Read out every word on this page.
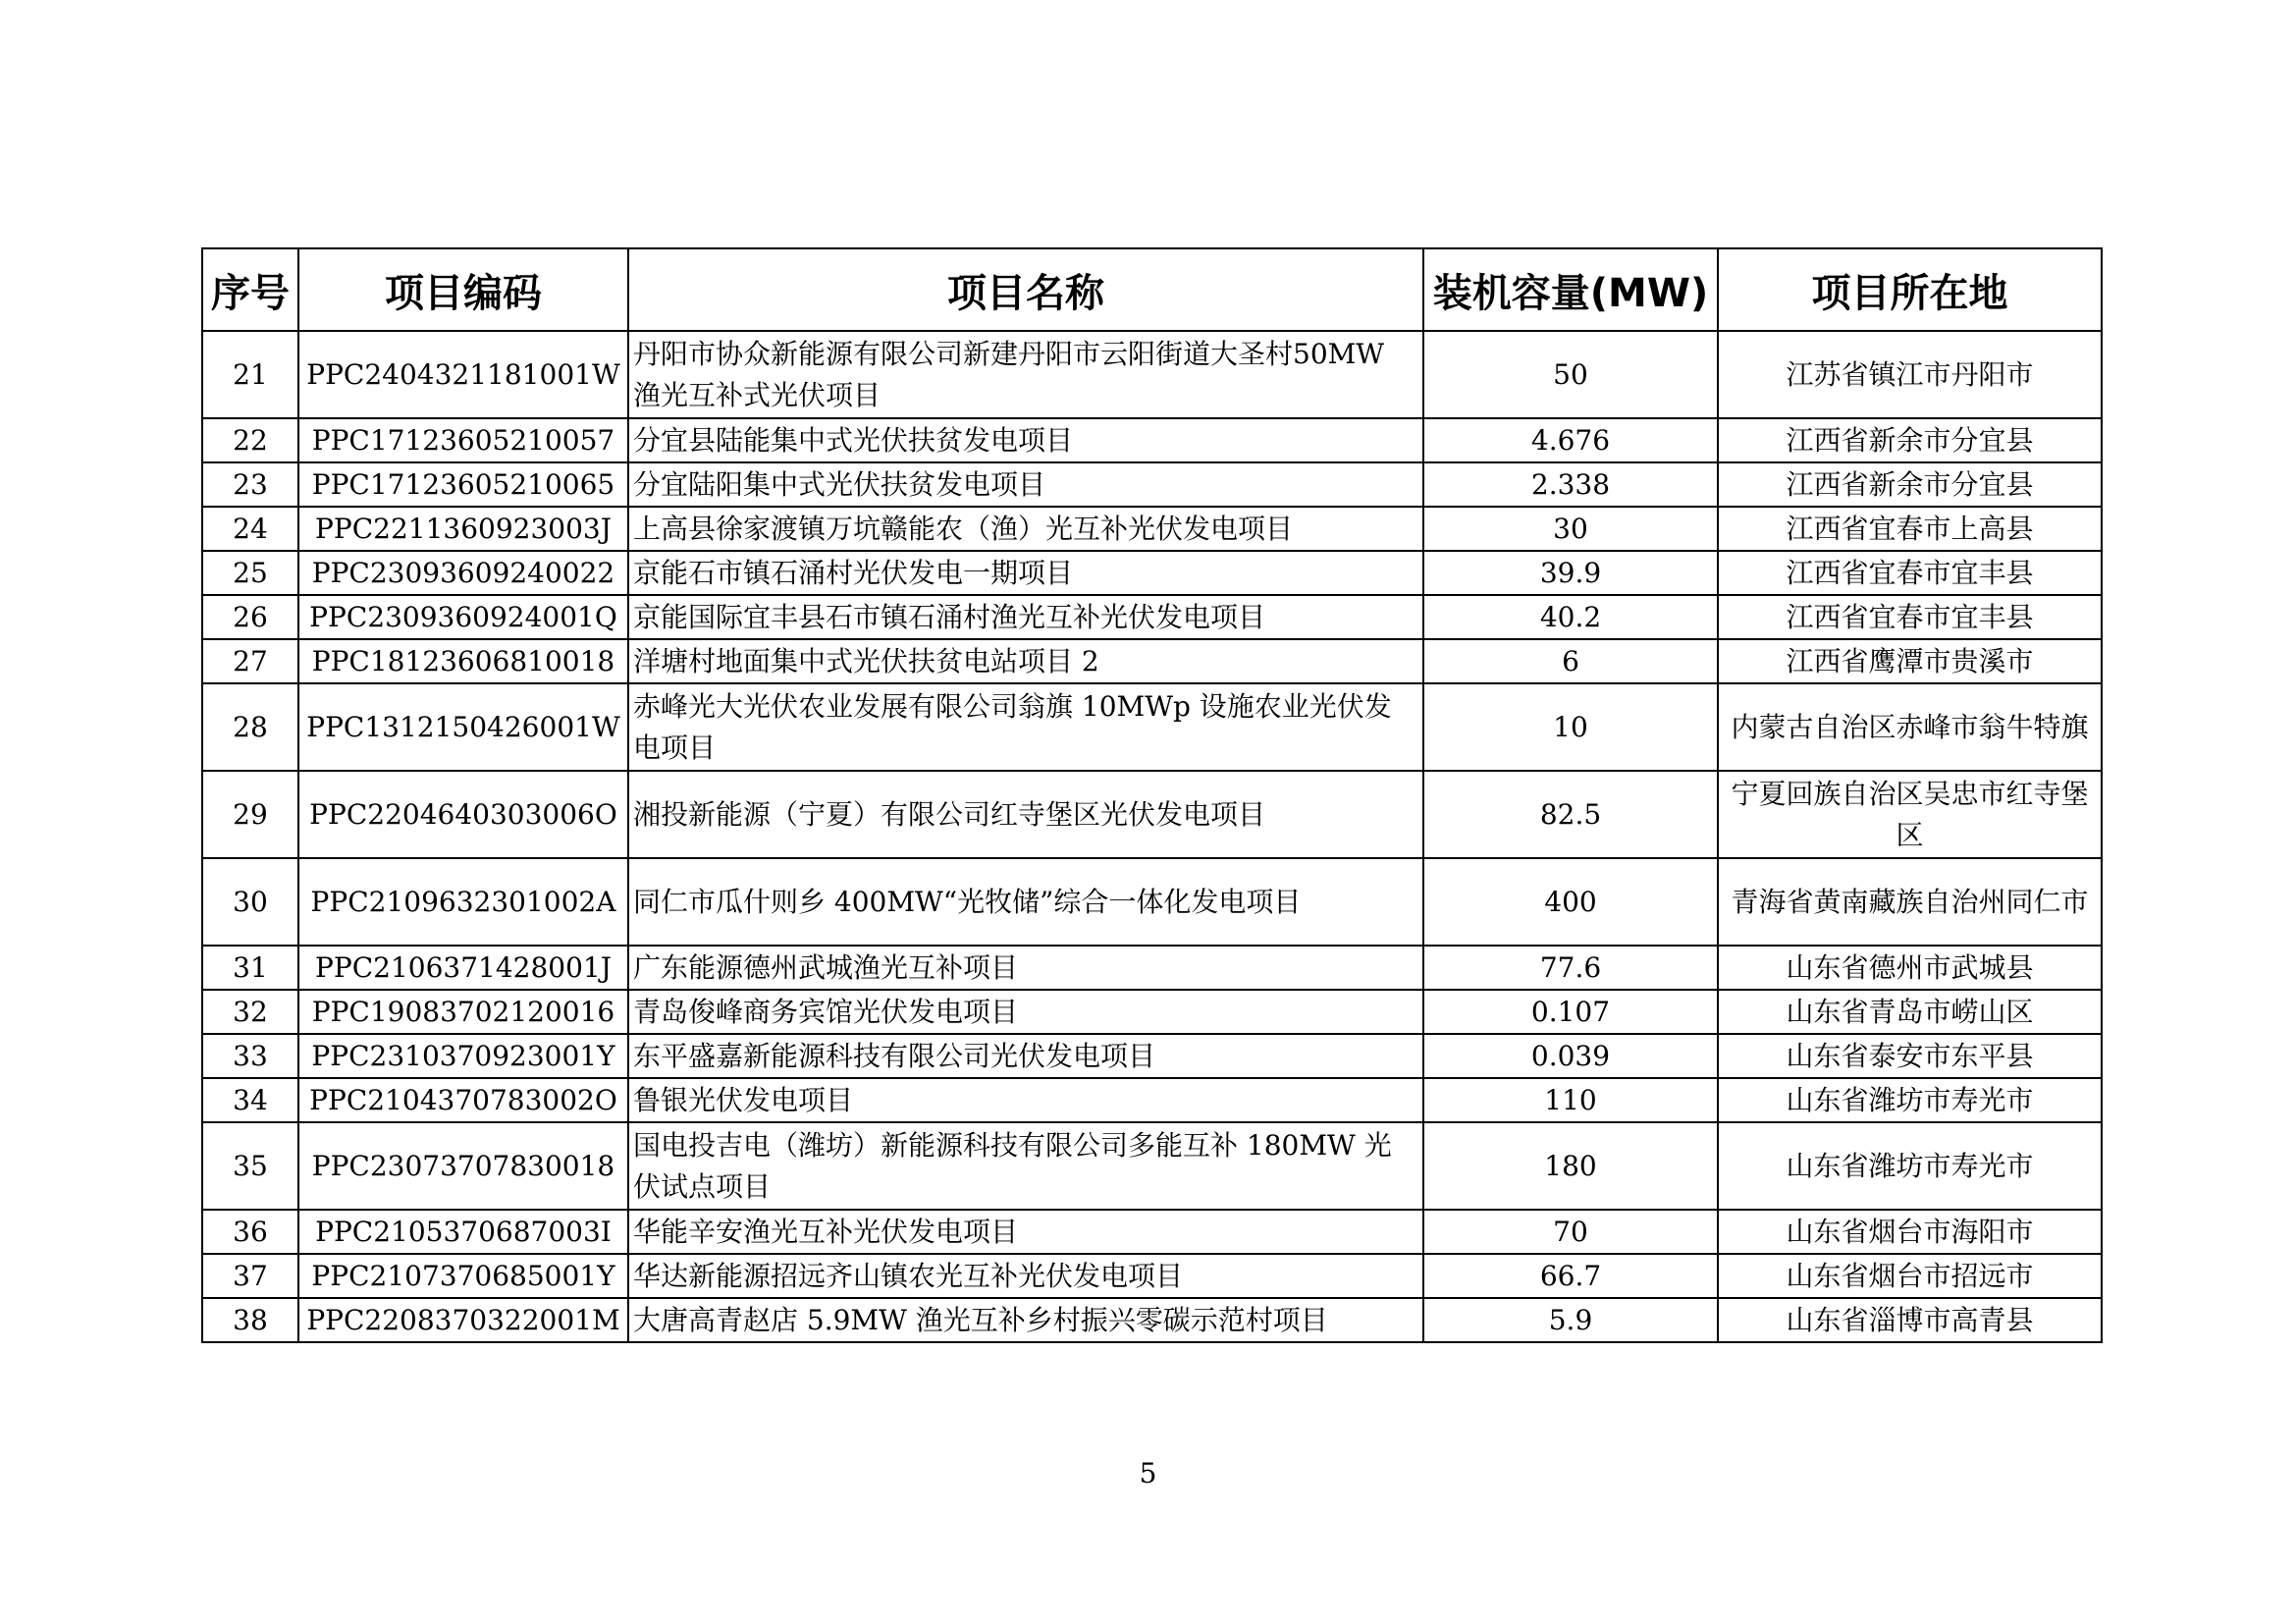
序号	项目编码	项目名称	装机容量(MW)	项目所在地
21	PPC2404321181001W	丹阳市协众新能源有限公司新建丹阳市云阳街道大圣村50MW 渔光互补式光伏项目	50	江苏省镇江市丹阳市
22	PPC17123605210057	分宜县陆能集中式光伏扶贫发电项目	4.676	江西省新余市分宜县
23	PPC17123605210065	分宜陆阳集中式光伏扶贫发电项目	2.338	江西省新余市分宜县
24	PPC2211360923003J	上高县徐家渡镇万坑赣能农（渔）光互补光伏发电项目	30	江西省宜春市上高县
25	PPC23093609240022	京能石市镇石涌村光伏发电一期项目	39.9	江西省宜春市宜丰县
26	PPC2309360924001Q	京能国际宜丰县石市镇石涌村渔光互补光伏发电项目	40.2	江西省宜春市宜丰县
27	PPC18123606810018	洋塘村地面集中式光伏扶贫电站项目 2	6	江西省鹰潭市贵溪市
28	PPC1312150426001W	赤峰光大光伏农业发展有限公司翁旗 10MWp 设施农业光伏发电项目	10	内蒙古自治区赤峰市翁牛特旗
29	PPC2204640303006O	湘投新能源（宁夏）有限公司红寺堡区光伏发电项目	82.5	宁夏回族自治区吴忠市红寺堡区
30	PPC2109632301002A	同仁市瓜什则乡 400MW“光牧储”综合一体化发电项目	400	青海省黄南藏族自治州同仁市
31	PPC2106371428001J	广东能源德州武城渔光互补项目	77.6	山东省德州市武城县
32	PPC19083702120016	青岛俊峰商务宾馆光伏发电项目	0.107	山东省青岛市崂山区
33	PPC2310370923001Y	东平盛嘉新能源科技有限公司光伏发电项目	0.039	山东省泰安市东平县
34	PPC2104370783002O	鲁银光伏发电项目	110	山东省潍坊市寿光市
35	PPC23073707830018	国电投吉电（潍坊）新能源科技有限公司多能互补 180MW 光伏试点项目	180	山东省潍坊市寿光市
36	PPC2105370687003I	华能辛安渔光互补光伏发电项目	70	山东省烟台市海阳市
37	PPC2107370685001Y	华达新能源招远齐山镇农光互补光伏发电项目	66.7	山东省烟台市招远市
38	PPC2208370322001M	大唐高青赵店 5.9MW 渔光互补乡村振兴零碳示范村项目	5.9	山东省淄博市高青县
5
